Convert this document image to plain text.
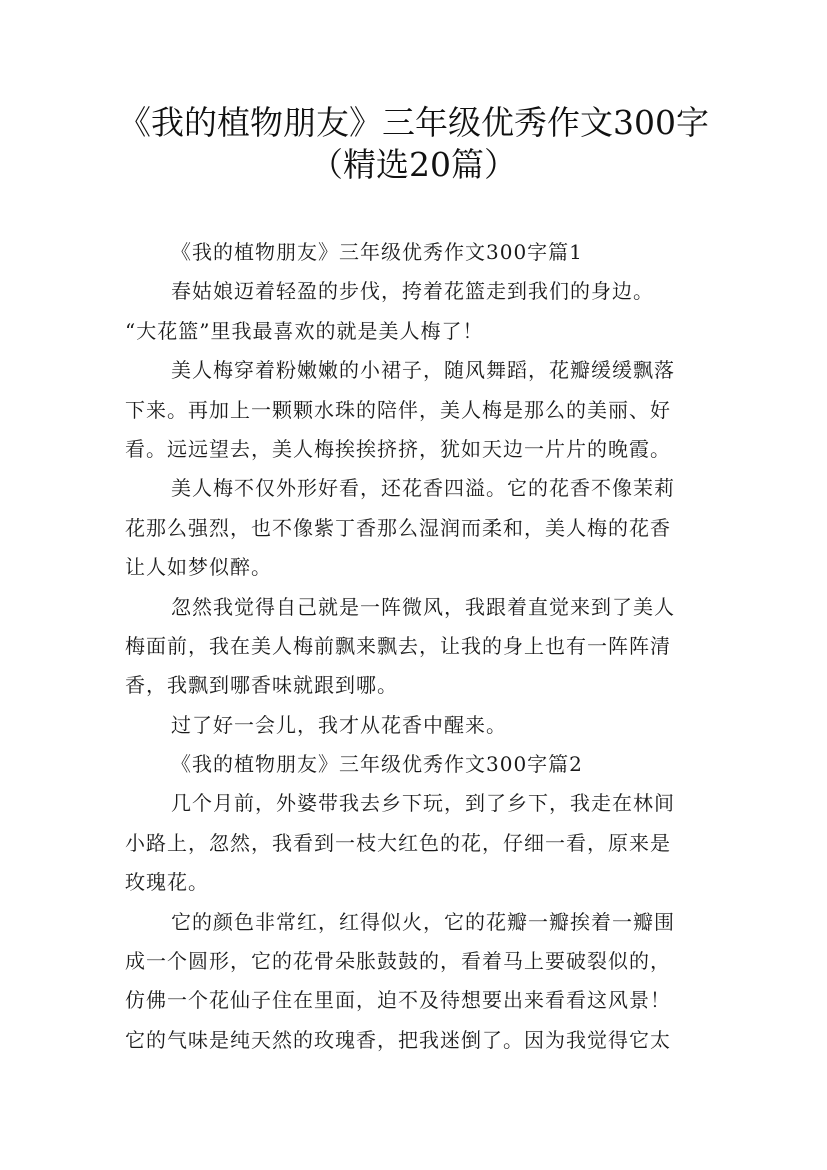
《我的植物朋友》三年级优秀作文300字
（精选20篇）
《我的植物朋友》三年级优秀作文300字篇1
春姑娘迈着轻盈的步伐，挎着花篮走到我们的身边。
“大花篮”里我最喜欢的就是美人梅了！
美人梅穿着粉嫩嫩的小裙子，随风舞蹈，花瓣缓缓飘落
下来。再加上一颗颗水珠的陪伴，美人梅是那么的美丽、好
看。远远望去，美人梅挨挨挤挤，犹如天边一片片的晚霞。
美人梅不仅外形好看，还花香四溢。它的花香不像茉莉
花那么强烈，也不像紫丁香那么湿润而柔和，美人梅的花香
让人如梦似醉。
忽然我觉得自己就是一阵微风，我跟着直觉来到了美人
梅面前，我在美人梅前飘来飘去，让我的身上也有一阵阵清
香，我飘到哪香味就跟到哪。
过了好一会儿，我才从花香中醒来。
《我的植物朋友》三年级优秀作文300字篇2
几个月前，外婆带我去乡下玩，到了乡下，我走在林间
小路上，忽然，我看到一枝大红色的花，仔细一看，原来是
玫瑰花。
它的颜色非常红，红得似火，它的花瓣一瓣挨着一瓣围
成一个圆形，它的花骨朵胀鼓鼓的，看着马上要破裂似的，
仿佛一个花仙子住在里面，迫不及待想要出来看看这风景！
它的气味是纯天然的玫瑰香，把我迷倒了。因为我觉得它太
